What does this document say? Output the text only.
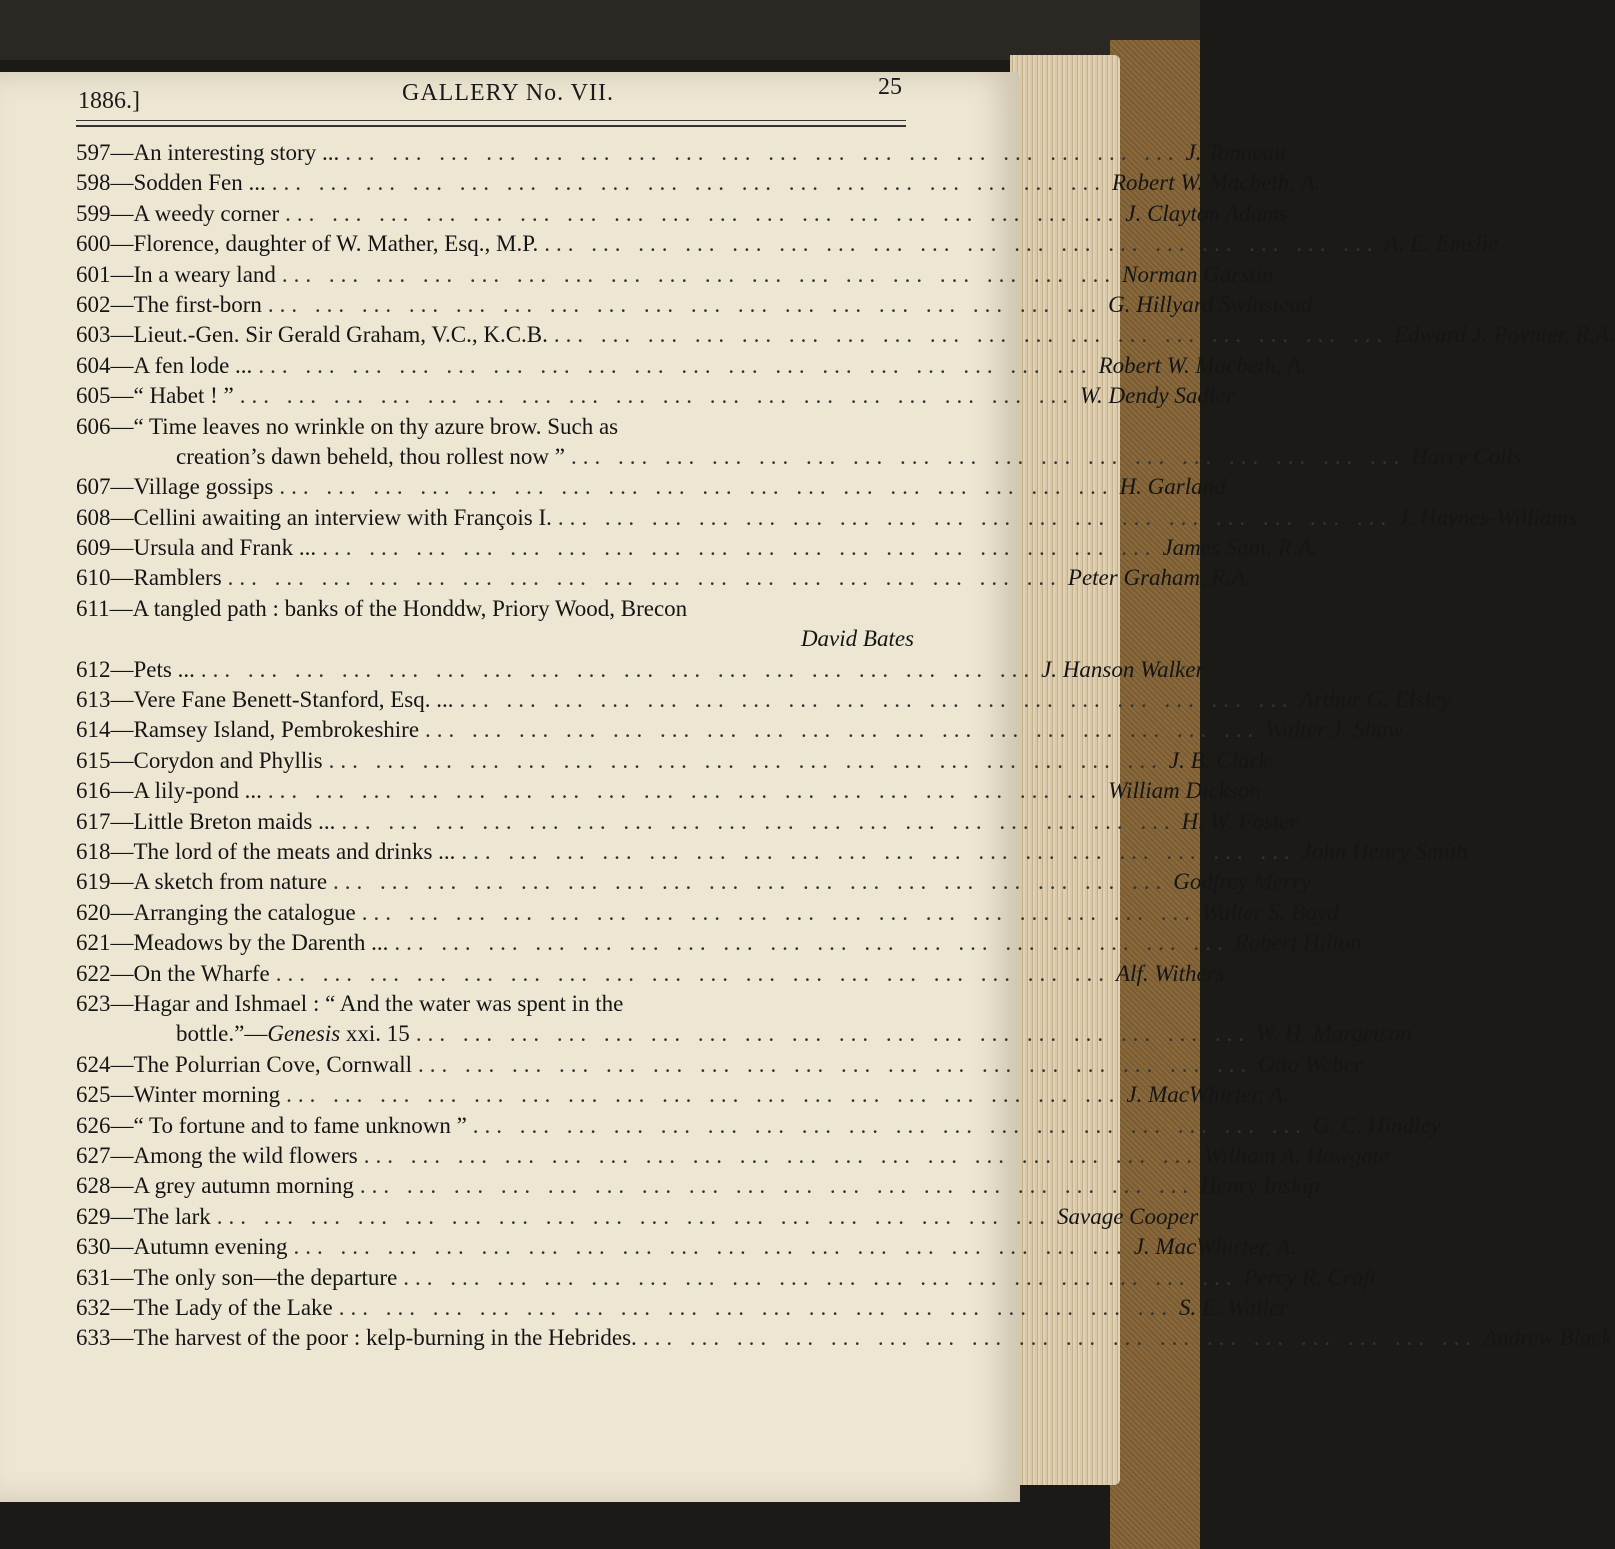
1886.]	GALLERY No. VII.	25
597—An interesting story ... ... ... ... ... ... ... ... ... ... ... ... ... ... ... ... ... ... ... J. Tonneau
598—Sodden Fen ... ... ... ... ... ... ... ... ... ... ... ... ... ... ... ... ... ... ... Robert W. Macbeth, A.
599—A weedy corner ... ... ... ... ... ... ... ... ... ... ... ... ... ... ... ... ... ... J. Clayton Adams
600—Florence, daughter of W. Mather, Esq., M.P. ... ... ... ... ... ... ... ... ... ... ... ... ... ... ... ... ... ... A. E. Emslie
601—In a weary land ... ... ... ... ... ... ... ... ... ... ... ... ... ... ... ... ... ... Norman Garstin
602—The first-born ... ... ... ... ... ... ... ... ... ... ... ... ... ... ... ... ... ... G. Hillyard Swinstead
603—Lieut.-Gen. Sir Gerald Graham, V.C., K.C.B. ... ... ... ... ... ... ... ... ... ... ... ... ... ... ... ... ... ... Edward J. Poynter, R.A.
604—A fen lode ... ... ... ... ... ... ... ... ... ... ... ... ... ... ... ... ... ... ... Robert W. Macbeth, A.
605—“ Habet ! ” ... ... ... ... ... ... ... ... ... ... ... ... ... ... ... ... ... ... W. Dendy Sadler
606—“ Time leaves no wrinkle on thy azure brow. Such as
creation’s dawn beheld, thou rollest now ” ... ... ... ... ... ... ... ... ... ... ... ... ... ... ... ... ... ... Harry Colls
607—Village gossips ... ... ... ... ... ... ... ... ... ... ... ... ... ... ... ... ... ... H. Garland
608—Cellini awaiting an interview with François I. ... ... ... ... ... ... ... ... ... ... ... ... ... ... ... ... ... ... J. Haynes-Williams
609—Ursula and Frank ... ... ... ... ... ... ... ... ... ... ... ... ... ... ... ... ... ... ... James Sant, R.A.
610—Ramblers ... ... ... ... ... ... ... ... ... ... ... ... ... ... ... ... ... ... Peter Graham, R.A.
611—A tangled path : banks of the Honddw, Priory Wood, Brecon
David Bates
612—Pets ... ... ... ... ... ... ... ... ... ... ... ... ... ... ... ... ... ... ... J. Hanson Walker
613—Vere Fane Benett-Stanford, Esq. ... ... ... ... ... ... ... ... ... ... ... ... ... ... ... ... ... ... ... Arthur G. Elsley
614—Ramsey Island, Pembrokeshire ... ... ... ... ... ... ... ... ... ... ... ... ... ... ... ... ... ... Walter J. Shaw
615—Corydon and Phyllis ... ... ... ... ... ... ... ... ... ... ... ... ... ... ... ... ... ... J. B. Clark
616—A lily-pond ... ... ... ... ... ... ... ... ... ... ... ... ... ... ... ... ... ... ... William Dickson
617—Little Breton maids ... ... ... ... ... ... ... ... ... ... ... ... ... ... ... ... ... ... ... H. W. Foster
618—The lord of the meats and drinks ... ... ... ... ... ... ... ... ... ... ... ... ... ... ... ... ... ... ... John Henry Smith
619—A sketch from nature ... ... ... ... ... ... ... ... ... ... ... ... ... ... ... ... ... ... Godfrey Merry
620—Arranging the catalogue ... ... ... ... ... ... ... ... ... ... ... ... ... ... ... ... ... ... Walter S. Boyd
621—Meadows by the Darenth ... ... ... ... ... ... ... ... ... ... ... ... ... ... ... ... ... ... ... Robert Hilton
622—On the Wharfe ... ... ... ... ... ... ... ... ... ... ... ... ... ... ... ... ... ... Alf. Withers
623—Hagar and Ishmael : “ And the water was spent in the
bottle.”—Genesis xxi. 15 ... ... ... ... ... ... ... ... ... ... ... ... ... ... ... ... ... ... W. H. Margetson
624—The Polurrian Cove, Cornwall ... ... ... ... ... ... ... ... ... ... ... ... ... ... ... ... ... ... Otto Weber
625—Winter morning ... ... ... ... ... ... ... ... ... ... ... ... ... ... ... ... ... ... J. MacWhirter, A.
626—“ To fortune and to fame unknown ” ... ... ... ... ... ... ... ... ... ... ... ... ... ... ... ... ... ... G. C. Hindley
627—Among the wild flowers ... ... ... ... ... ... ... ... ... ... ... ... ... ... ... ... ... ... William A. Howgate
628—A grey autumn morning ... ... ... ... ... ... ... ... ... ... ... ... ... ... ... ... ... ... Henry Inskip
629—The lark ... ... ... ... ... ... ... ... ... ... ... ... ... ... ... ... ... ... Savage Cooper
630—Autumn evening ... ... ... ... ... ... ... ... ... ... ... ... ... ... ... ... ... ... J. MacWhirter, A.
631—The only son—the departure ... ... ... ... ... ... ... ... ... ... ... ... ... ... ... ... ... ... Percy R. Craft
632—The Lady of the Lake ... ... ... ... ... ... ... ... ... ... ... ... ... ... ... ... ... ... S. E. Waller
633—The harvest of the poor : kelp-burning in the Hebrides. ... ... ... ... ... ... ... ... ... ... ... ... ... ... ... ... ... ... Andrew Black
